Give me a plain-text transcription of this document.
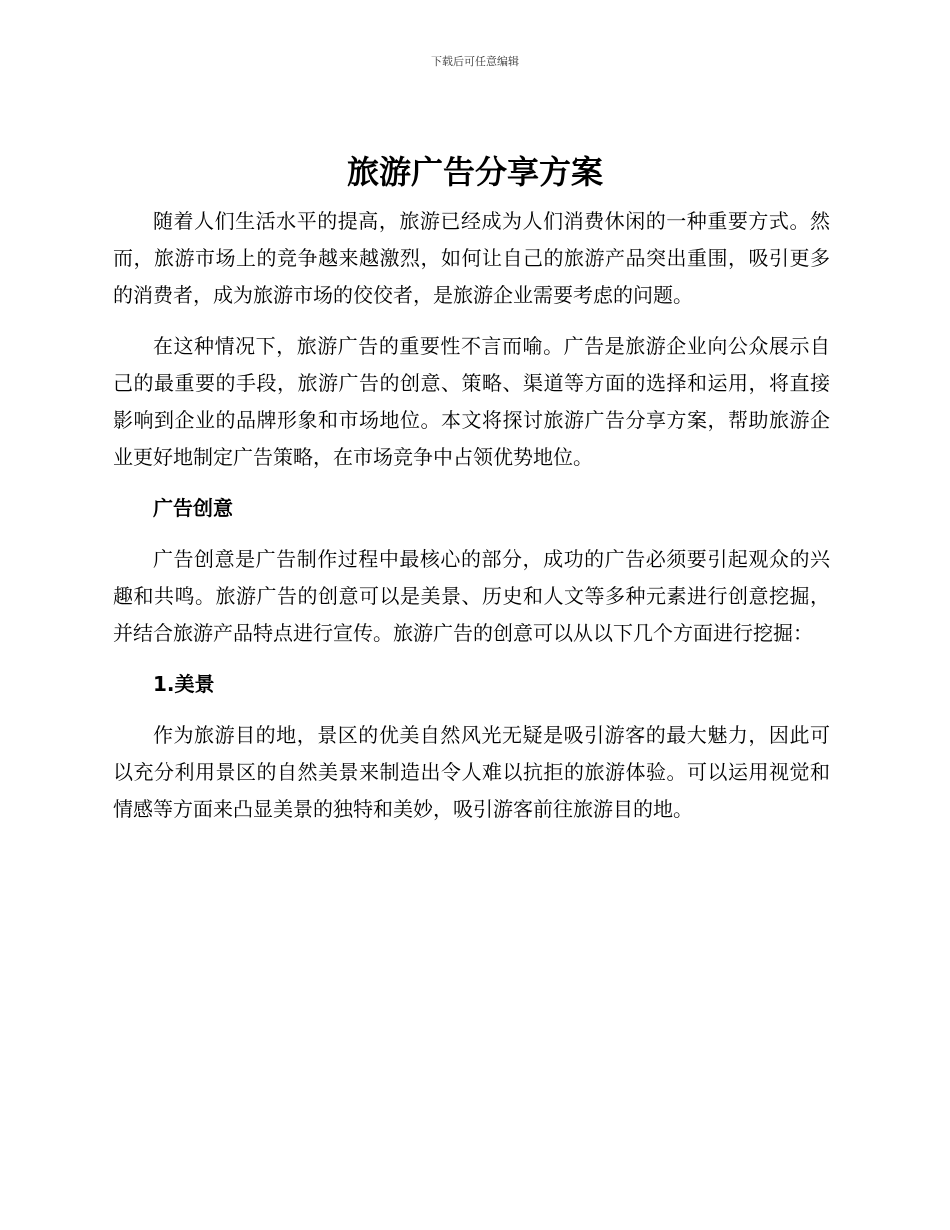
下载后可任意编辑
旅游广告分享方案

随着人们生活水平的提高，旅游已经成为人们消费休闲的一种重要方式。然而，旅游市场上的竞争越来越激烈，如何让自己的旅游产品突出重围，吸引更多的消费者，成为旅游市场的佼佼者，是旅游企业需要考虑的问题。

在这种情况下，旅游广告的重要性不言而喻。广告是旅游企业向公众展示自己的最重要的手段，旅游广告的创意、策略、渠道等方面的选择和运用，将直接影响到企业的品牌形象和市场地位。本文将探讨旅游广告分享方案，帮助旅游企业更好地制定广告策略，在市场竞争中占领优势地位。

广告创意

广告创意是广告制作过程中最核心的部分，成功的广告必须要引起观众的兴趣和共鸣。旅游广告的创意可以是美景、历史和人文等多种元素进行创意挖掘，并结合旅游产品特点进行宣传。旅游广告的创意可以从以下几个方面进行挖掘：

1.美景

作为旅游目的地，景区的优美自然风光无疑是吸引游客的最大魅力，因此可以充分利用景区的自然美景来制造出令人难以抗拒的旅游体验。可以运用视觉和情感等方面来凸显美景的独特和美妙，吸引游客前往旅游目的地。
